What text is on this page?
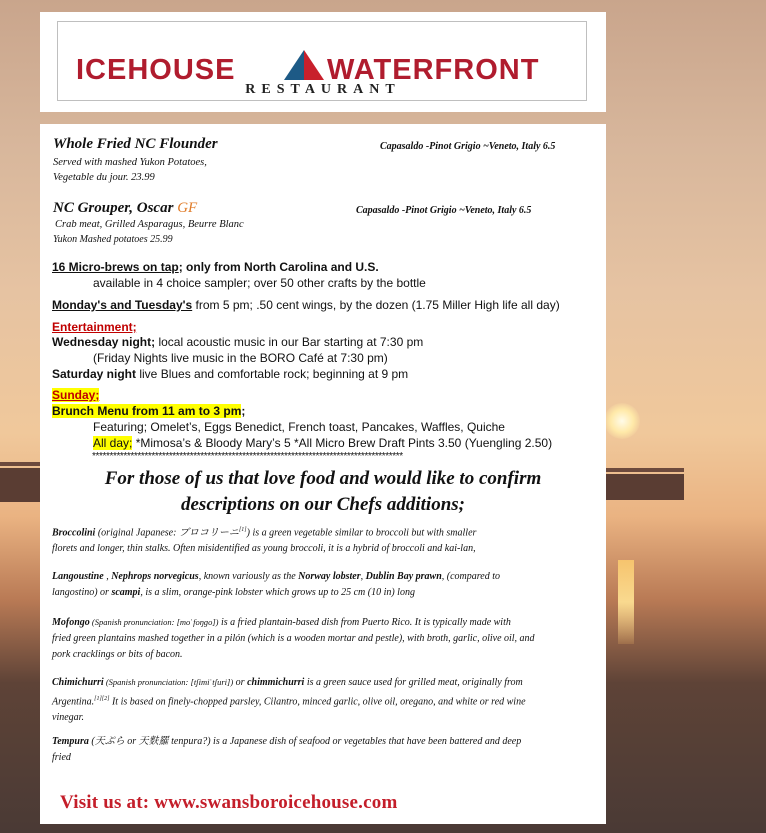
ICEHOUSE	WATERFRONT
RESTAURANT
Whole Fried NC Flounder	Capasaldo -Pinot Grigio ~Veneto, Italy 6.5
Served with mashed Yukon Potatoes,
Vegetable du jour. 23.99
NC Grouper, Oscar GF	Capasaldo -Pinot Grigio ~Veneto, Italy 6.5
Crab meat, Grilled Asparagus, Beurre Blanc
Yukon Mashed potatoes 25.99
16 Micro-brews on tap; only from North Carolina and U.S.
available in 4 choice sampler; over 50 other crafts by the bottle
Monday's and Tuesday's from 5 pm; .50 cent wings, by the dozen (1.75 Miller High life all day)
Entertainment;
Wednesday night; local acoustic music in our Bar starting at 7:30 pm
(Friday Nights live music in the BORO Café at 7:30 pm)
Saturday night live Blues and comfortable rock; beginning at 9 pm
Sunday;
Brunch Menu from 11 am to 3 pm;
Featuring; Omelet’s, Eggs Benedict, French toast, Pancakes, Waffles, Quiche
All day; *Mimosa’s & Bloody Mary’s 5 *All Micro Brew Draft Pints 3.50 (Yuengling 2.50)
*****************************************************************************************
For those of us that love food and would like to confirm
descriptions on our Chefs additions;
Broccolini (original Japanese: ブロコリーニ[1]) is a green vegetable similar to broccoli but with smaller
florets and longer, thin stalks. Often misidentified as young broccoli, it is a hybrid of broccoli and kai-lan,
Langoustine , Nephrops norvegicus, known variously as the Norway lobster, Dublin Bay prawn, (compared to
langostino) or scampi, is a slim, orange-pink lobster which grows up to 25 cm (10 in) long
Mofongo (Spanish pronunciation: [moˈfoŋɡo]) is a fried plantain-based dish from Puerto Rico. It is typically made with
fried green plantains mashed together in a pilón (which is a wooden mortar and pestle), with broth, garlic, olive oil, and
pork cracklings or bits of bacon.
Chimichurri (Spanish pronunciation: [tʃimiˈtʃuri]) or chimmichurri is a green sauce used for grilled meat, originally from
Argentina.[1][2] It is based on finely-chopped parsley, Cilantro, minced garlic, olive oil, oregano, and white or red wine
vinegar.
Tempura (天ぷら or 天麩羅 tenpura?) is a Japanese dish of seafood or vegetables that have been battered and deep
fried
Visit us at: www.swansboroicehouse.com
menupix
